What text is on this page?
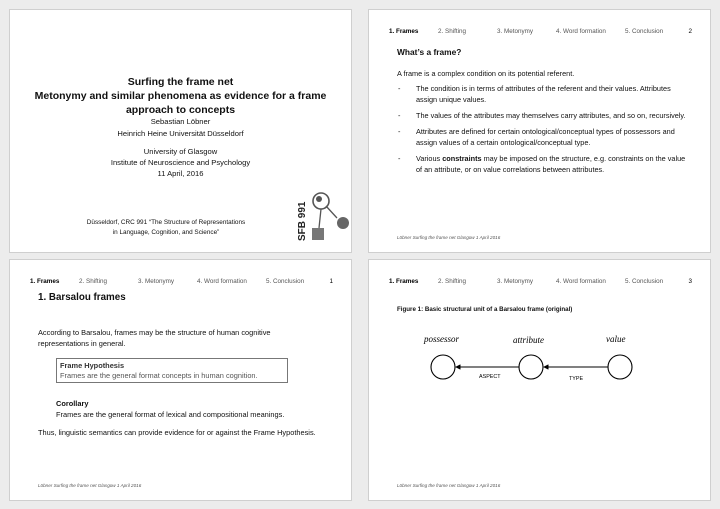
Surfing the frame net
Metonymy and similar phenomena as evidence for a frame
approach to concepts
Sebastian Löbner
Heinrich Heine Universität Düsseldorf
University of Glasgow
Institute of Neuroscience and Psychology
11 April, 2016
Düsseldorf, CRC 991 “The Structure of Representations
in Language, Cognition, and Science”	SFB 991
1. Frames	2. Shifting	3. Metonymy	4. Word formation	5. Conclusion	2
What’s a frame?
A frame is a complex condition on its potential referent.
- The condition is in terms of attributes of the referent and their values. Attributes assign unique values.
- The values of the attributes may themselves carry attributes, and so on, recursively.
- Attributes are defined for certain ontological/conceptual types of possessors and assign values of a certain ontological/conceptual type.
- Various constraints may be imposed on the structure, e.g. constraints on the value of an attribute, or on value correlations between attributes.
Löbner Surfing the frame net Glasgow 1 April 2016
1. Frames	2. Shifting	3. Metonymy	4. Word formation	5. Conclusion	1
1. Barsalou frames
According to Barsalou, frames may be the structure of human cognitive representations in general.
Frame Hypothesis
Frames are the general format concepts in human cognition.
Corollary
Frames are the general format of lexical and compositional meanings.
Thus, linguistic semantics can provide evidence for or against the Frame Hypothesis.
Löbner Surfing the frame net Glasgow 1 April 2016
1. Frames	2. Shifting	3. Metonymy	4. Word formation	5. Conclusion	3
Figure 1: Basic structural unit of a Barsalou frame (original)
possessor	attribute	value
ASPECT	TYPE
Löbner Surfing the frame net Glasgow 1 April 2016
